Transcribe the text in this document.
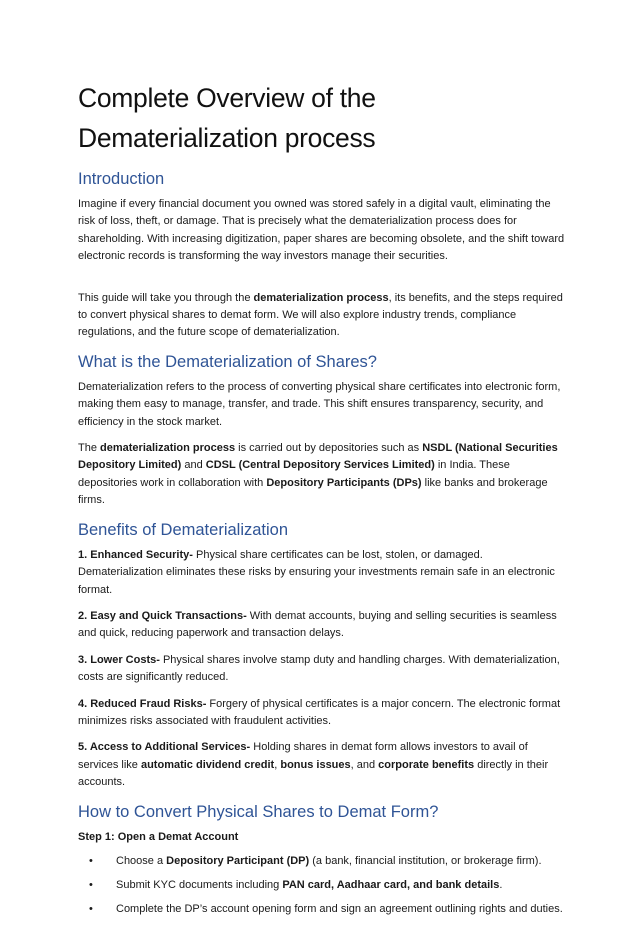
Complete Overview of the
Dematerialization process
Introduction

Imagine if every financial document you owned was stored safely in a digital vault, eliminating the risk of loss, theft, or damage. That is precisely what the dematerialization process does for shareholding. With increasing digitization, paper shares are becoming obsolete, and the shift toward electronic records is transforming the way investors manage their securities.

This guide will take you through the dematerialization process, its benefits, and the steps required to convert physical shares to demat form. We will also explore industry trends, compliance regulations, and the future scope of dematerialization.

What is the Dematerialization of Shares?

Dematerialization refers to the process of converting physical share certificates into electronic form, making them easy to manage, transfer, and trade. This shift ensures transparency, security, and efficiency in the stock market.

The dematerialization process is carried out by depositories such as NSDL (National Securities Depository Limited) and CDSL (Central Depository Services Limited) in India. These depositories work in collaboration with Depository Participants (DPs) like banks and brokerage firms.

Benefits of Dematerialization

1. Enhanced Security- Physical share certificates can be lost, stolen, or damaged. Dematerialization eliminates these risks by ensuring your investments remain safe in an electronic format.

2. Easy and Quick Transactions- With demat accounts, buying and selling securities is seamless and quick, reducing paperwork and transaction delays.

3. Lower Costs- Physical shares involve stamp duty and handling charges. With dematerialization, costs are significantly reduced.

4. Reduced Fraud Risks- Forgery of physical certificates is a major concern. The electronic format minimizes risks associated with fraudulent activities.

5. Access to Additional Services- Holding shares in demat form allows investors to avail of services like automatic dividend credit, bonus issues, and corporate benefits directly in their accounts.

How to Convert Physical Shares to Demat Form?

Step 1: Open a Demat Account

• Choose a Depository Participant (DP) (a bank, financial institution, or brokerage firm).
• Submit KYC documents including PAN card, Aadhaar card, and bank details.
• Complete the DP’s account opening form and sign an agreement outlining rights and duties.
